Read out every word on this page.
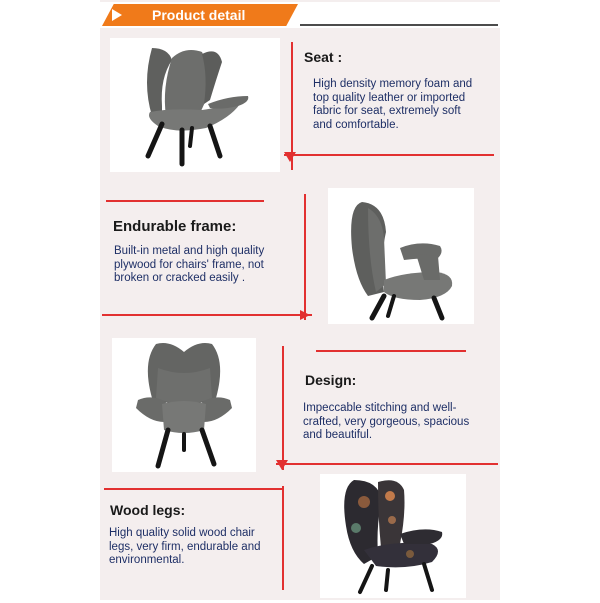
Product detail
Seat :
High density memory foam and
top quality leather or imported
fabric for seat, extremely soft
and comfortable.
Endurable frame:
Built-in metal and high quality
plywood for chairs' frame, not
broken or cracked easily .
Design:
Impeccable stitching and well-
crafted, very gorgeous, spacious
and beautiful.
Wood legs:
High quality solid wood chair
legs, very firm, endurable and
environmental.
